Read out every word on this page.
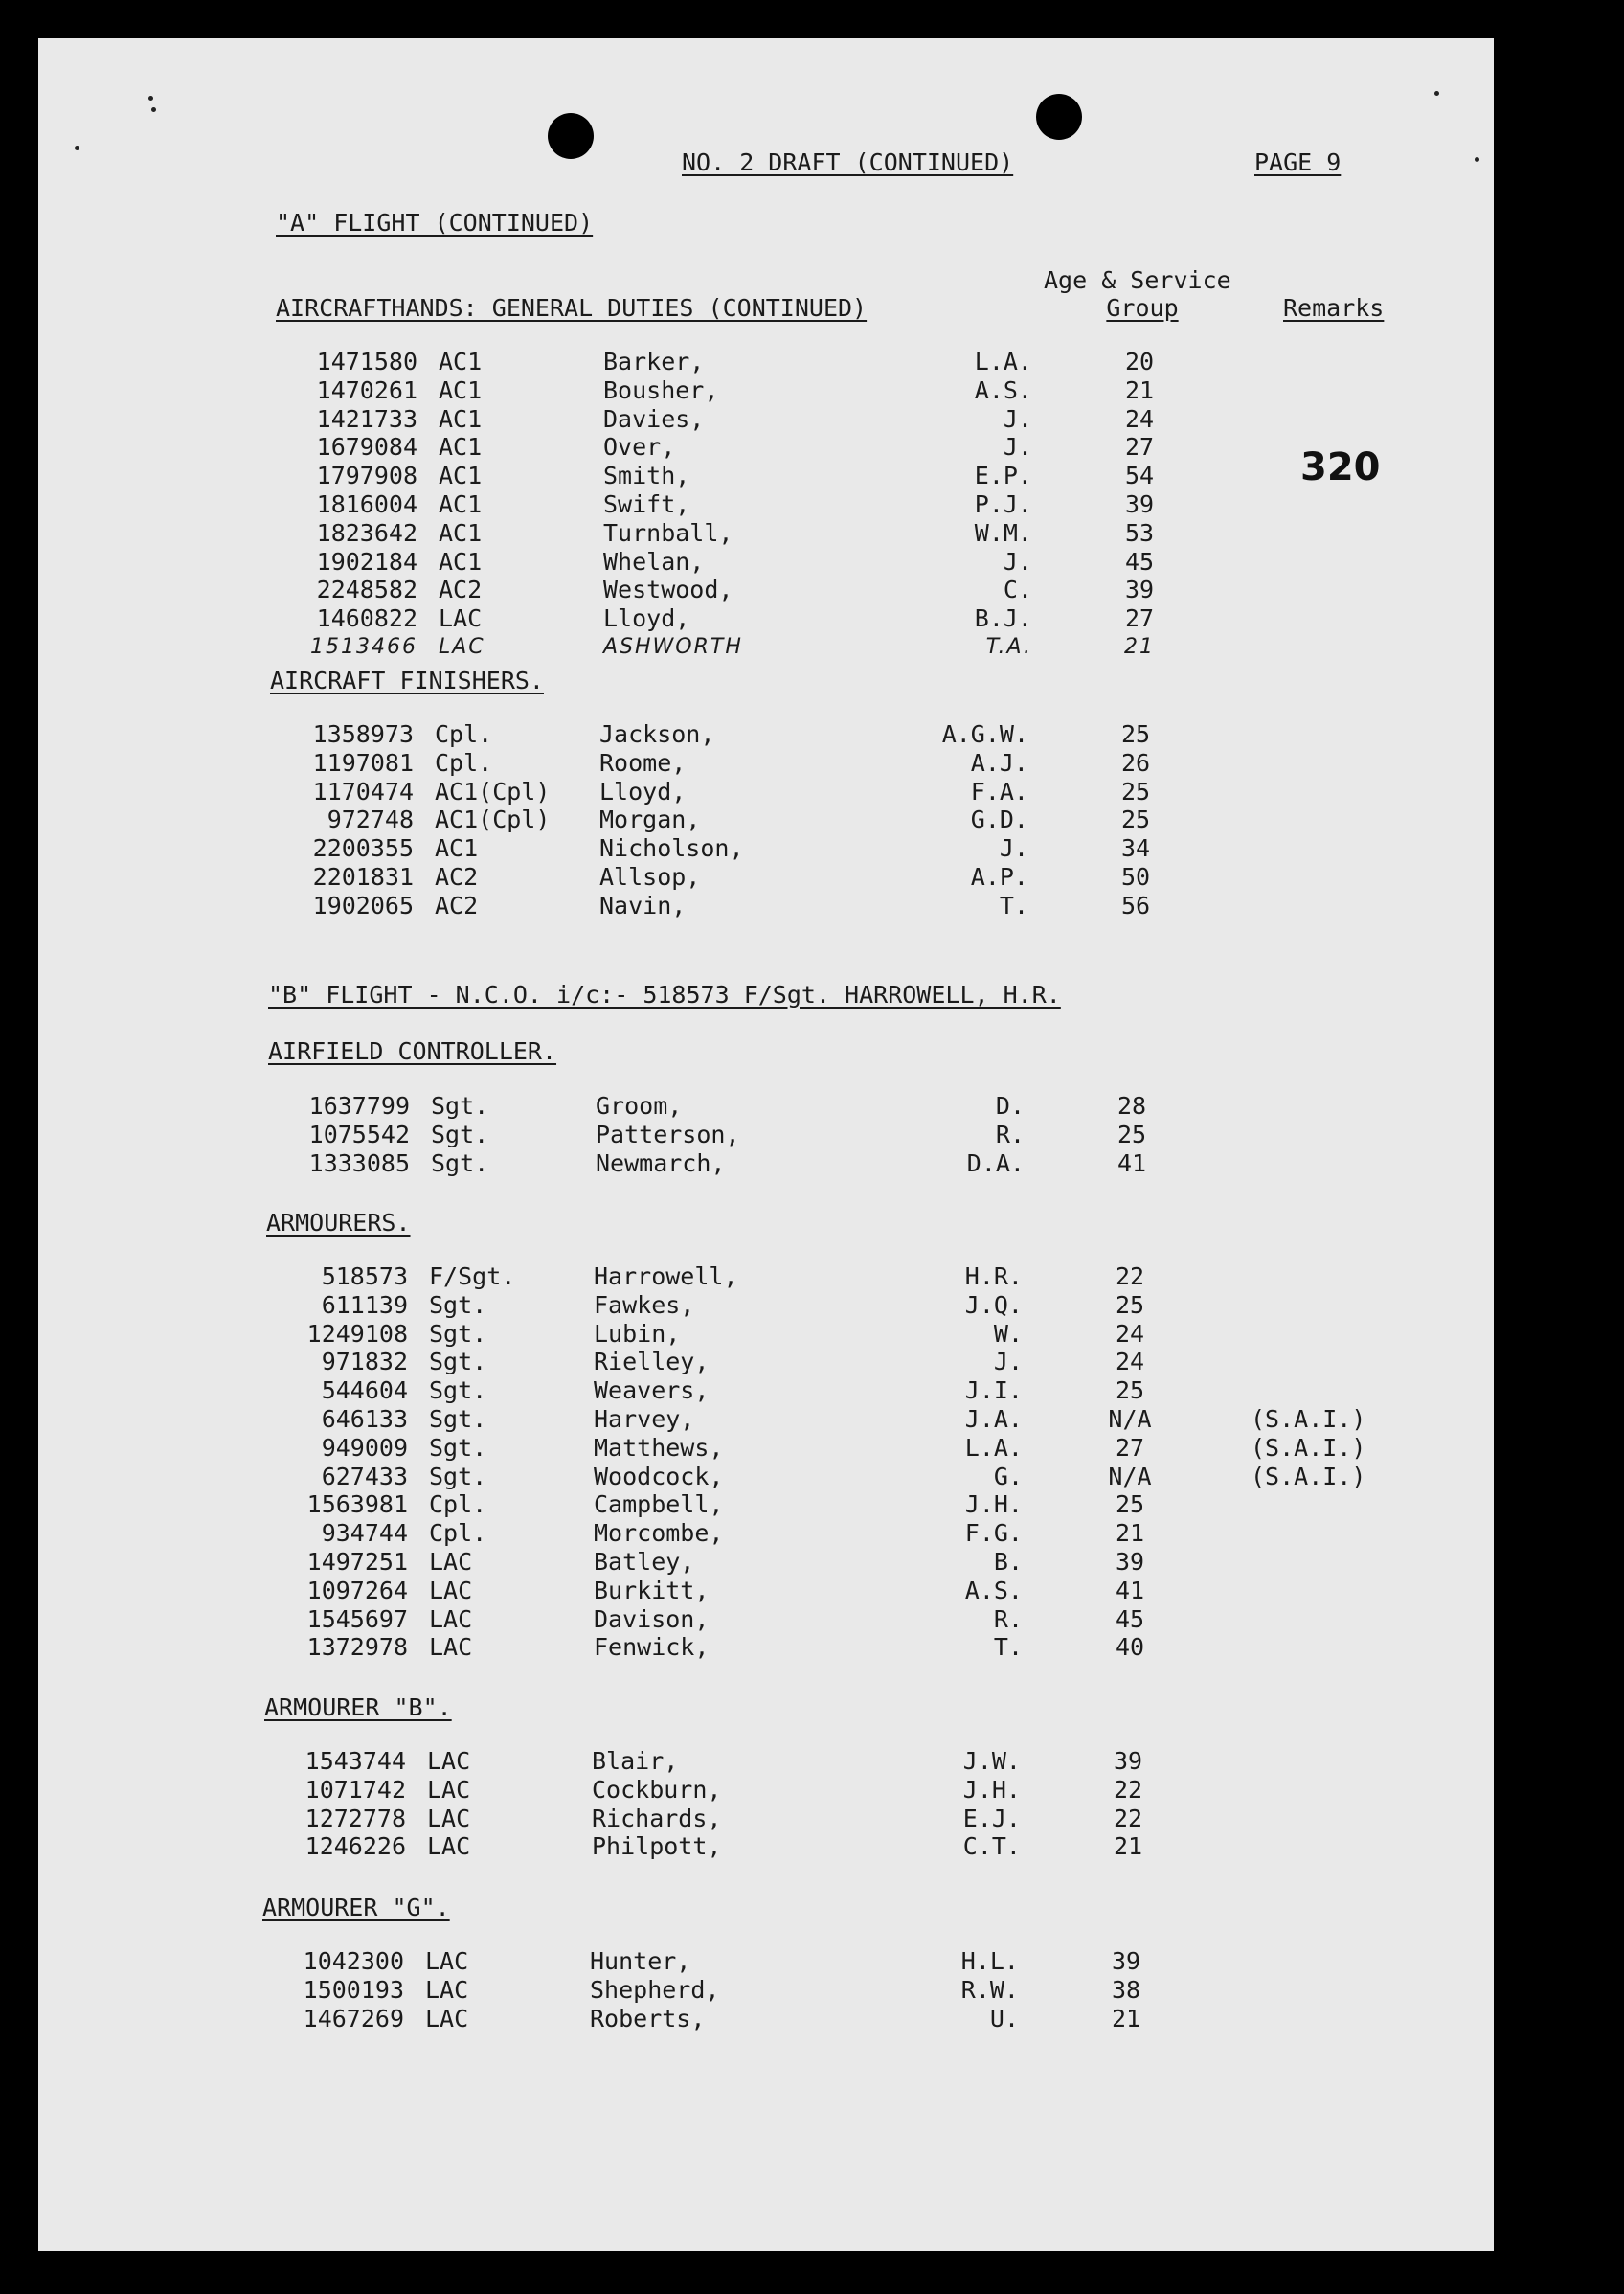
NO. 2 DRAFT (CONTINUED)	PAGE 9
"A" FLIGHT (CONTINUED)
Age & Service
Group	Remarks
AIRCRAFTHANDS: GENERAL DUTIES (CONTINUED)
320
1471580 AC1	Barker,	L.A.	20
1470261 AC1	Bousher,	A.S.	21
1421733 AC1	Davies,	J.	24
1679084 AC1	Over,	J.	27
1797908 AC1	Smith,	E.P.	54
1816004 AC1	Swift,	P.J.	39
1823642 AC1	Turnball,	W.M.	53
1902184 AC1	Whelan,	J.	45
2248582 AC2	Westwood,	C.	39
1460822 LAC	Lloyd,	B.J.	27
1513466 LAC	ASHWORTH	T.A.	21
AIRCRAFT FINISHERS.
1358973 Cpl.	Jackson,	A.G.W.	25
1197081 Cpl.	Roome,	A.J.	26
1170474 AC1(Cpl) Lloyd,	F.A.	25
972748 AC1(Cpl) Morgan,	G.D.	25
2200355 AC1	Nicholson,	J.	34
2201831 AC2	Allsop,	A.P.	50
1902065 AC2	Navin,	T.	56
"B" FLIGHT - N.C.O. i/c:- 518573 F/Sgt. HARROWELL, H.R.
AIRFIELD CONTROLLER.
1637799 Sgt.	Groom,	D.	28
1075542 Sgt.	Patterson,	R.	25
1333085 Sgt.	Newmarch,	D.A.	41
ARMOURERS.
518573 F/Sgt.	Harrowell,	H.R.	22
611139 Sgt.	Fawkes,	J.Q.	25
1249108 Sgt.	Lubin,	W.	24
971832 Sgt.	Rielley,	J.	24
544604 Sgt.	Weavers,	J.I.	25
646133 Sgt.	Harvey,	J.A.	N/A	(S.A.I.)
949009 Sgt.	Matthews,	L.A.	27	(S.A.I.)
627433 Sgt.	Woodcock,	G.	N/A	(S.A.I.)
1563981 Cpl.	Campbell,	J.H.	25
934744 Cpl.	Morcombe,	F.G.	21
1497251 LAC	Batley,	B.	39
1097264 LAC	Burkitt,	A.S.	41
1545697 LAC	Davison,	R.	45
1372978 LAC	Fenwick,	T.	40
ARMOURER "B".
1543744 LAC	Blair,	J.W.	39
1071742 LAC	Cockburn,	J.H.	22
1272778 LAC	Richards,	E.J.	22
1246226 LAC	Philpott,	C.T.	21
ARMOURER "G".
1042300 LAC	Hunter,	H.L.	39
1500193 LAC	Shepherd,	R.W.	38
1467269 LAC	Roberts,	U.	21
